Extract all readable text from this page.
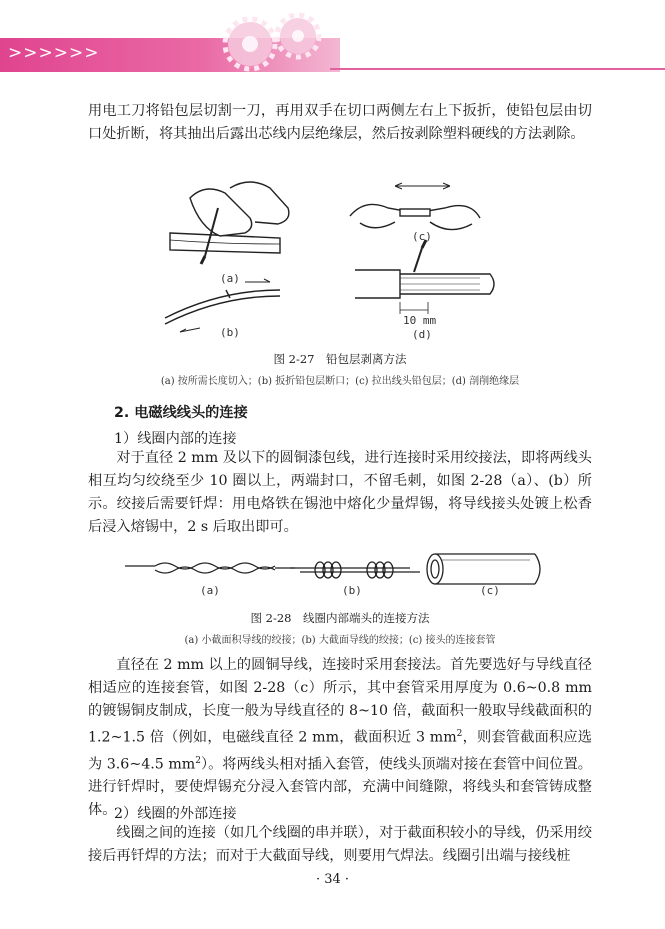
>>>>>>
用电工刀将铅包层切割一刀，再用双手在切口两侧左右上下扳折，使铅包层由切口处折断，将其抽出后露出芯线内层绝缘层，然后按剥除塑料硬线的方法剥除。
(a)
(b)
(c)
10 mm
(d)
图 2-27　铅包层剥离方法
(a) 按所需长度切入；(b) 扳折铅包层断口；(c) 拉出线头铅包层；(d) 剖削绝缘层
2. 电磁线线头的连接
1）线圈内部的连接
对于直径 2 mm 及以下的圆铜漆包线，进行连接时采用绞接法，即将两线头相互均匀绞绕至少 10 圈以上，两端封口，不留毛刺，如图 2-28（a）、(b）所示。绞接后需要钎焊：用电烙铁在锡池中熔化少量焊锡，将导线接头处镀上松香后浸入熔锡中，2 s 后取出即可。
(a)	(b)	(c)
图 2-28　线圈内部端头的连接方法
(a) 小截面积导线的绞接；(b) 大截面导线的绞接；(c) 接头的连接套管
直径在 2 mm 以上的圆铜导线，连接时采用套接法。首先要选好与导线直径相适应的连接套管，如图 2-28（c）所示，其中套管采用厚度为 0.6~0.8 mm 的镀锡铜皮制成，长度一般为导线直径的 8~10 倍，截面积一般取导线截面积的 1.2~1.5 倍（例如，电磁线直径 2 mm，截面积近 3 $mm^2$，则套管截面积应选为 3.6~4.5 $mm^2$）。将两线头相对插入套管，使线头顶端对接在套管中间位置。进行钎焊时，要使焊锡充分浸入套管内部，充满中间缝隙，将线头和套管铸成整体。
2）线圈的外部连接
线圈之间的连接（如几个线圈的串并联），对于截面积较小的导线，仍采用绞接后再钎焊的方法；而对于大截面导线，则要用气焊法。线圈引出端与接线桩
· 34 ·
